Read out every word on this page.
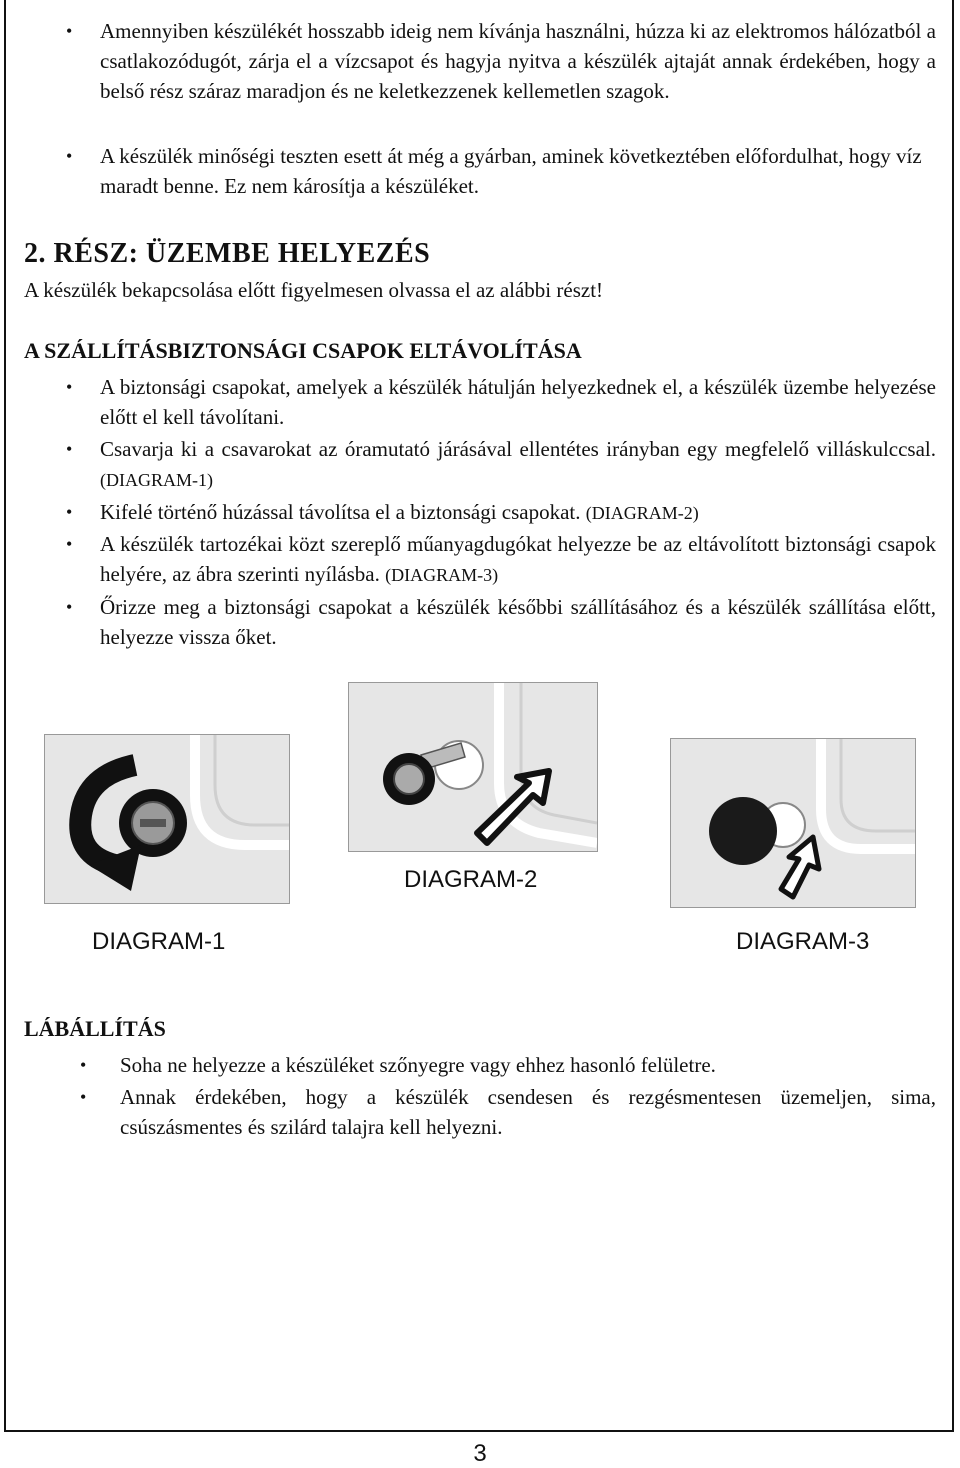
• Amennyiben készülékét hosszabb ideig nem kívánja használni, húzza ki az elektromos hálózatból a csatlakozódugót, zárja el a vízcsapot és hagyja nyitva a készülék ajtaját annak érdekében, hogy a belső rész száraz maradjon és ne keletkezzenek kellemetlen szagok.

• A készülék minőségi teszten esett át még a gyárban, aminek következtében előfordulhat, hogy víz maradt benne. Ez nem károsítja a készüléket.

2. RÉSZ: ÜZEMBE HELYEZÉS
A készülék bekapcsolása előtt figyelmesen olvassa el az alábbi részt!
A SZÁLLÍTÁSBIZTONSÁGI CSAPOK ELTÁVOLÍTÁSA
• A biztonsági csapokat, amelyek a készülék hátulján helyezkednek el, a készülék üzembe helyezése előtt el kell távolítani.

• Csavarja ki a csavarokat az óramutató járásával ellentétes irányban egy megfelelő villáskulccsal. (DIAGRAM-1)

• Kifelé történő húzással távolítsa el a biztonsági csapokat. (DIAGRAM-2)

• A készülék tartozékai közt szereplő műanyagdugókat helyezze be az eltávolított biztonsági csapok helyére, az ábra szerinti nyílásba. (DIAGRAM-3)

• Őrizze meg a biztonsági csapokat a készülék későbbi szállításához és a készülék szállítása előtt, helyezze vissza őket.

DIAGRAM-2
DIAGRAM-1	DIAGRAM-3
LÁBÁLLÍTÁS
• Soha ne helyezze a készüléket szőnyegre vagy ehhez hasonló felületre.

• Annak érdekében, hogy a készülék csendesen és rezgésmentesen üzemeljen, sima, csúszásmentes és szilárd talajra kell helyezni.

3
